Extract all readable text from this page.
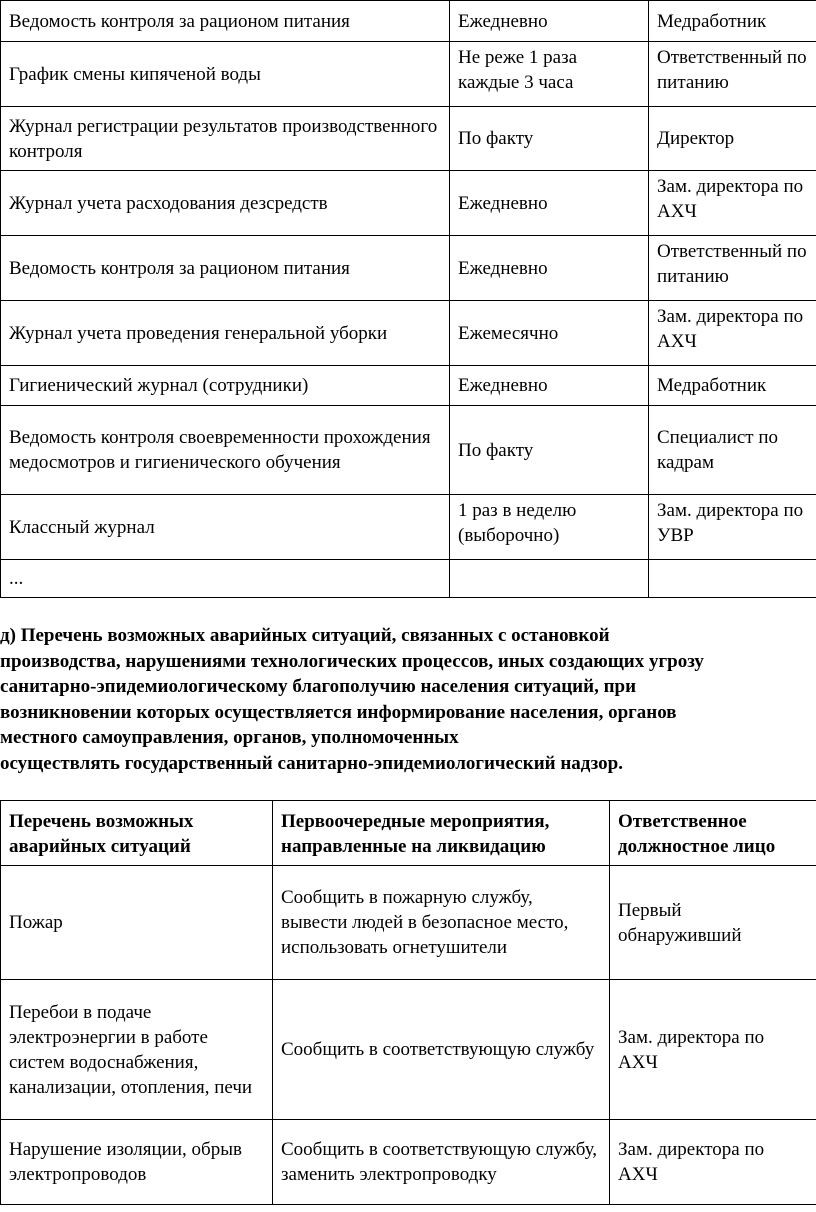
Ведомость контроля за рационом питания	Ежедневно	Медработник
График смены кипяченой воды	Не реже 1 раза каждые 3 часа	Ответственный по питанию
Журнал регистрации результатов производственного контроля	По факту	Директор
Журнал учета расходования дезсредств	Ежедневно	Зам. директора по АХЧ
Ведомость контроля за рационом питания	Ежедневно	Ответственный по питанию
Журнал учета проведения генеральной уборки	Ежемесячно	Зам. директора по АХЧ
Гигиенический журнал (сотрудники)	Ежедневно	Медработник
Ведомость контроля своевременности прохождения медосмотров и гигиенического обучения	По факту	Специалист по кадрам
Классный журнал	1 раз в неделю (выборочно)	Зам. директора по УВР
...		
д) Перечень возможных аварийных ситуаций, связанных с остановкой
производства, нарушениями технологических процессов, иных создающих угрозу
санитарно-эпидемиологическому благополучию населения ситуаций, при
возникновении которых осуществляется информирование населения, органов
местного самоуправления, органов, уполномоченных
осуществлять государственный санитарно-эпидемиологический надзор.
Перечень возможных аварийных ситуаций	Первоочередные мероприятия, направленные на ликвидацию	Ответственное должностное лицо
Пожар	Сообщить в пожарную службу, вывести людей в безопасное место, использовать огнетушители	Первый обнаруживший
Перебои в подаче электроэнергии в работе систем водоснабжения, канализации, отопления, печи	Сообщить в соответствующую службу	Зам. директора по АХЧ
Нарушение изоляции, обрыв электропроводов	Сообщить в соответствующую службу, заменить электропроводку	Зам. директора по АХЧ
